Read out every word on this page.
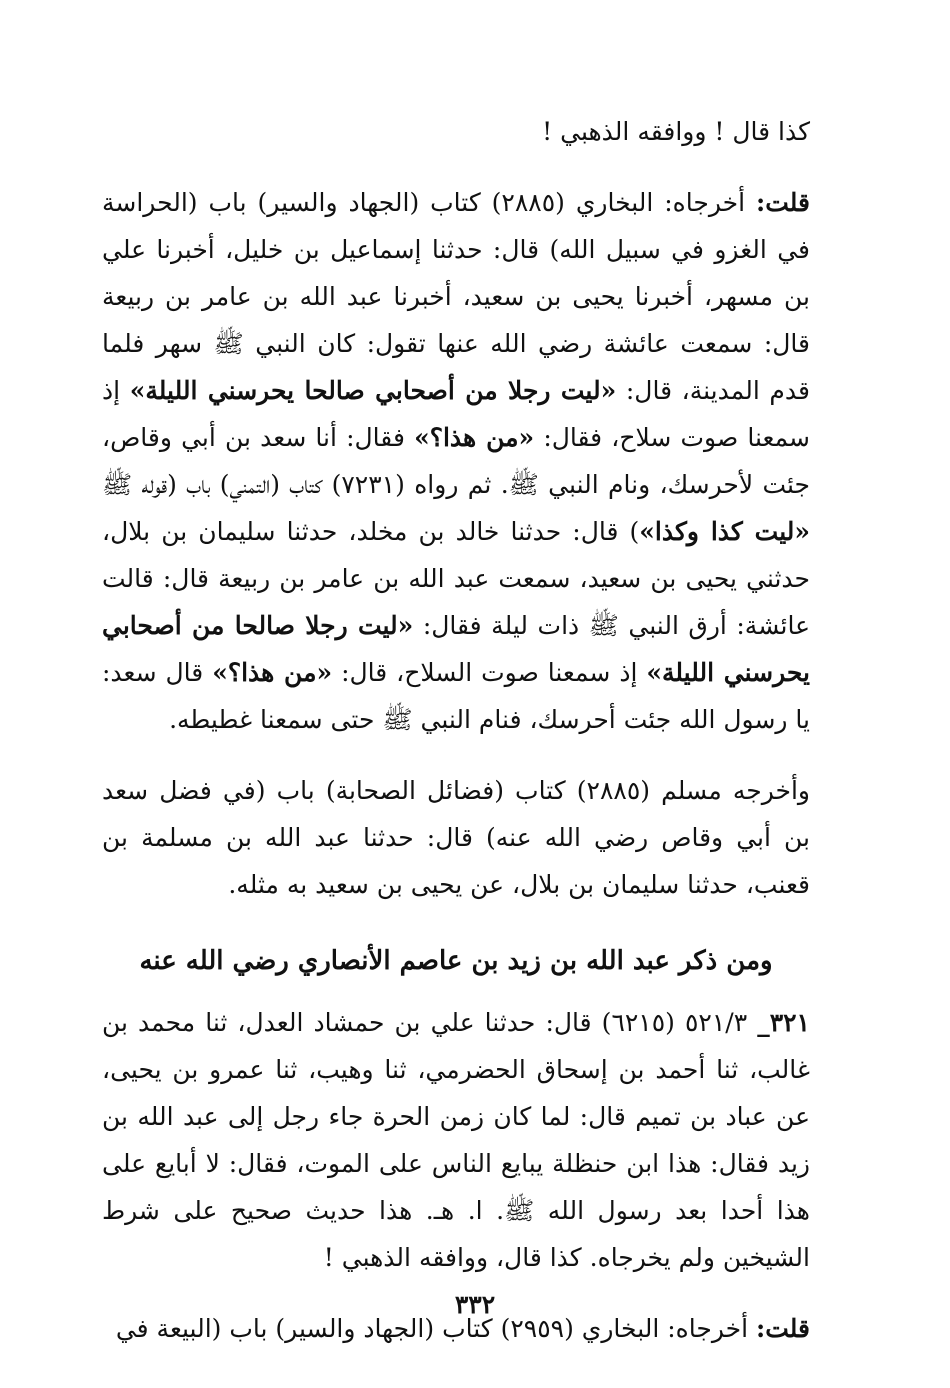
كذا قال ! ووافقه الذهبي !

قلت: أخرجاه: البخاري (٢٨٨٥) كتاب (الجهاد والسير) باب (الحراسة في الغزو في سبيل الله) قال: حدثنا إسماعيل بن خليل، أخبرنا علي بن مسهر، أخبرنا يحيى بن سعيد، أخبرنا عبد الله بن عامر بن ربيعة قال: سمعت عائشة رضي الله عنها تقول: كان النبي ﷺ سهر فلما قدم المدينة، قال: «ليت رجلا من أصحابي صالحا يحرسني الليلة» إذ سمعنا صوت سلاح، فقال: «من هذا؟» فقال: أنا سعد بن أبي وقاص، جئت لأحرسك، ونام النبي ﷺ. ثم رواه (٧٢٣١) كتاب (التمني) باب (قوله ﷺ «ليت كذا وكذا») قال: حدثنا خالد بن مخلد، حدثنا سليمان بن بلال، حدثني يحيى بن سعيد، سمعت عبد الله بن عامر بن ربيعة قال: قالت عائشة: أرق النبي ﷺ ذات ليلة فقال: «ليت رجلا صالحا من أصحابي يحرسني الليلة» إذ سمعنا صوت السلاح، قال: «من هذا؟» قال سعد: يا رسول الله جئت أحرسك، فنام النبي ﷺ حتى سمعنا غطيطه.

وأخرجه مسلم (٢٨٨٥) كتاب (فضائل الصحابة) باب (في فضل سعد بن أبي وقاص رضي الله عنه) قال: حدثنا عبد الله بن مسلمة بن قعنب، حدثنا سليمان بن بلال، عن يحيى بن سعيد به مثله.

ومن ذكر عبد الله بن زيد بن عاصم الأنصاري رضي الله عنه

٣٢١_ ٥٢١/٣ (٦٢١٥) قال: حدثنا علي بن حمشاد العدل، ثنا محمد بن غالب، ثنا أحمد بن إسحاق الحضرمي، ثنا وهيب، ثنا عمرو بن يحيى، عن عباد بن تميم قال: لما كان زمن الحرة جاء رجل إلى عبد الله بن زيد فقال: هذا ابن حنظلة يبايع الناس على الموت، فقال: لا أبايع على هذا أحدا بعد رسول الله ﷺ. ا. هـ. هذا حديث صحيح على شرط الشيخين ولم يخرجاه. كذا قال، ووافقه الذهبي !

قلت: أخرجاه: البخاري (٢٩٥٩) كتاب (الجهاد والسير) باب (البيعة في

٣٣٢
